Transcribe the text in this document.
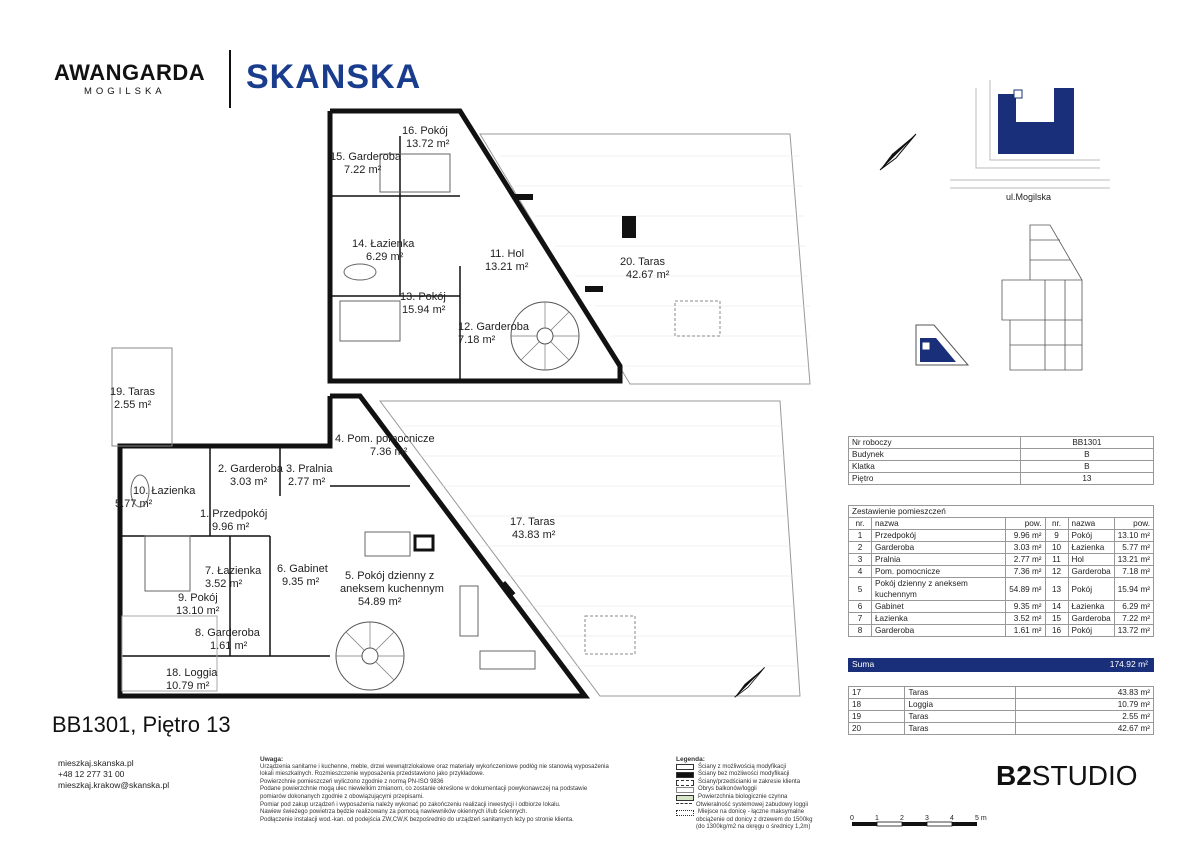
AWANGARDA
MOGILSKA SKANSKA
4. Pom. pomocnicze
7.36 m²
2. Garderoba
3.03 m²
3. Pralnia
2.77 m²
10. Łazienka
5.77 m²
1. Przedpokój
9.96 m²
7. Łazienka
3.52 m²
6. Gabinet
9.35 m² 5. Pokój dzienny z
aneksem kuchennym
54.89 m²
9. Pokój
13.10 m²
8. Garderoba
1.61 m²
18. Loggia
10.79 m²
19. Taras
2.55 m²
17. Taras
43.83 m²
16. Pokój
13.72 m²
15. Garderoba
7.22 m²
14. Łazienka
6.29 m²	11. Hol
13.21 m²	20. Taras
42.67 m²
13. Pokój
15.94 m²
12. Garderoba
7.18 m²
ul.Mogilska
BB1301, Piętro 13
Nr roboczy	BB1301
Budynek	B
Klatka	B
Piętro	13
Zestawienie pomieszczeń					
nr.	nazwa	pow.	nr.	nazwa	pow.
1	Przedpokój	9.96 m²	9	Pokój	13.10 m²
2	Garderoba	3.03 m²	10	Łazienka	5.77 m²
3	Pralnia	2.77 m²	11	Hol	13.21 m²
4	Pom. pomocnicze	7.36 m²	12	Garderoba	7.18 m²
5	Pokój dzienny z aneksem kuchennym	54.89 m²	13	Pokój	15.94 m²
6	Gabinet	9.35 m²	14	Łazienka	6.29 m²
7	Łazienka	3.52 m²	15	Garderoba	7.22 m²
8	Garderoba	1.61 m²	16	Pokój	13.72 m²
Suma	174.92 m²
17	Taras	43.83 m²
18	Loggia	10.79 m²
19	Taras	2.55 m²
20	Taras	42.67 m²
mieszkaj.skanska.pl
+48 12 277 31 00
mieszkaj.krakow@skanska.pl
Uwaga:
Urządzenia sanitarne i kuchenne, meble, drzwi wewnątrzlokalowe oraz materiały wykończeniowe podłóg nie stanowią wyposażenia
lokali mieszkalnych. Rozmieszczenie wyposażenia przedstawiono jako przykładowe.
Powierzchnie pomieszczeń wyliczono zgodnie z normą PN-ISO 9836
Podane powierzchnie mogą ulec niewielkim zmianom, co zostanie określone w dokumentacji powykonawczej na podstawie
pomiarów dokonanych zgodnie z obowiązującymi przepisami.
Pomiar pod zakup urządzeń i wyposażenia należy wykonać po zakończeniu realizacji inwestycji i odbiorze lokalu.
Nawiew świeżego powietrza będzie realizowany za pomocą nawiewników okiennych i/lub ściennych.
Podłączenie instalacji wod.-kan. od podejścia ZW,CW,K bezpośrednio do urządzeń sanitarnych leży po stronie klienta.
Legenda:
Ściany z możliwością modyfikacji
Ściany bez możliwości modyfikacji
Ściany/przedścianki w zakresie klienta
Obrys balkonów/loggii
Powierzchnia biologicznie czynna
Otwieralność systemowej zabudowy loggii
Miejsce na donicę - łączne maksymalne
obciążenie od donicy z drzewem do 1500kg
(do 1300kg/m2 na okręgu o średnicy 1,2m)
B2STUDIO
0	1	2	3	4	5 m
